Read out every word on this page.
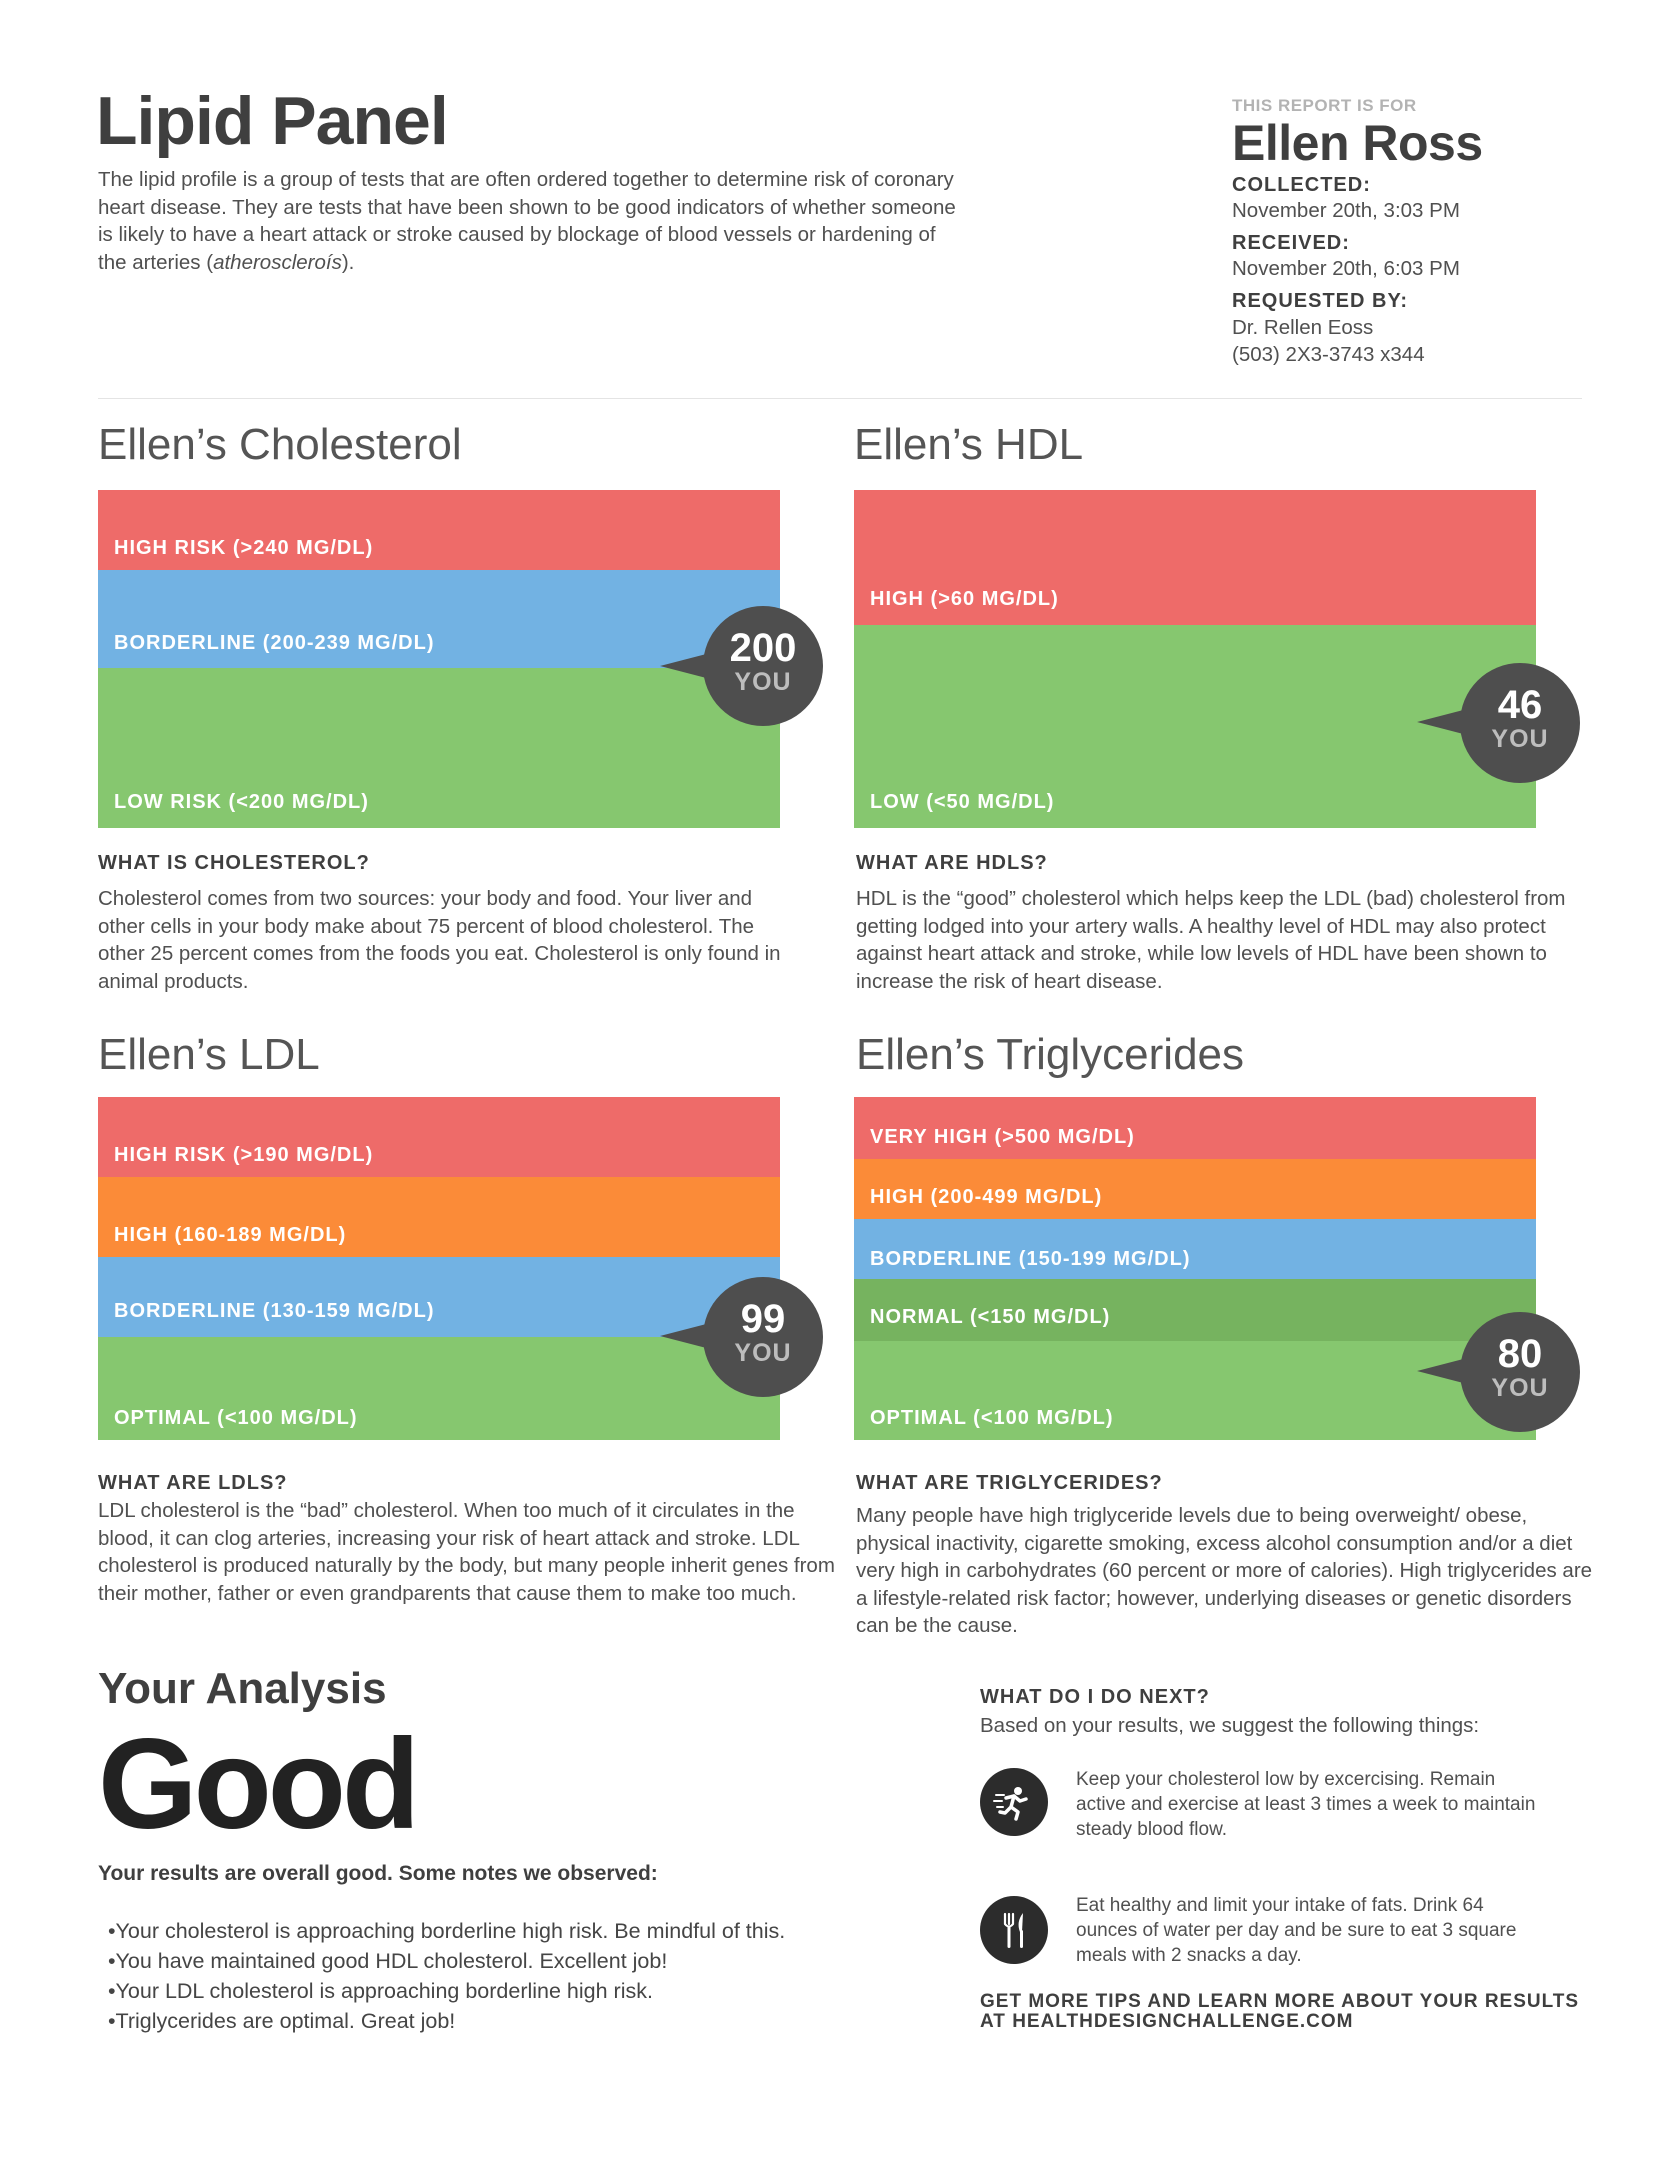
Lipid Panel

The lipid profile is a group of tests that are often ordered together to determine risk of coronary heart disease. They are tests that have been shown to be good indicators of whether someone is likely to have a heart attack or stroke caused by blockage of blood vessels or hardening of the arteries (atheroscleroís).

THIS REPORT IS FOR
Ellen Ross
COLLECTED:
November 20th, 3:03 PM
RECEIVED:
November 20th, 6:03 PM
REQUESTED BY:
Dr. Rellen Eoss
(503) 2X3-3743 x344
Ellen’s Cholesterol
HIGH RISK (>240 MG/DL)
BORDERLINE (200-239 MG/DL)
LOW RISK (<200 MG/DL)
200
YOU
WHAT IS CHOLESTEROL?

Cholesterol comes from two sources: your body and food. Your liver and other cells in your body make about 75 percent of blood cholesterol. The other 25 percent comes from the foods you eat. Cholesterol is only found in animal products.

Ellen’s HDL
HIGH (>60 MG/DL)
LOW (<50 MG/DL)
46
YOU
WHAT ARE HDLS?

HDL is the “good” cholesterol which helps keep the LDL (bad) cholesterol from getting lodged into your artery walls. A healthy level of HDL may also protect against heart attack and stroke, while low levels of HDL have been shown to increase the risk of heart disease.

Ellen’s LDL
HIGH RISK (>190 MG/DL)
HIGH (160-189 MG/DL)
BORDERLINE (130-159 MG/DL)
OPTIMAL (<100 MG/DL)
99
YOU
WHAT ARE LDLS?

LDL cholesterol is the “bad” cholesterol. When too much of it circulates in the blood, it can clog arteries, increasing your risk of heart attack and stroke. LDL cholesterol is produced naturally by the body, but many people inherit genes from their mother, father or even grandparents that cause them to make too much.

Ellen’s Triglycerides
VERY HIGH (>500 MG/DL)
HIGH (200-499 MG/DL)
BORDERLINE (150-199 MG/DL)
NORMAL (<150 MG/DL)
OPTIMAL (<100 MG/DL)
80
YOU
WHAT ARE TRIGLYCERIDES?

Many people have high triglyceride levels due to being overweight/ obese, physical inactivity, cigarette smoking, excess alcohol consumption and/or a diet very high in carbohydrates (60 percent or more of calories). High triglycerides are a lifestyle-related risk factor; however, underlying diseases or genetic disorders can be the cause.

Your Analysis
Good
Your results are overall good. Some notes we observed:
• Your cholesterol is approaching borderline high risk. Be mindful of this.
• You have maintained good HDL cholesterol. Excellent job!
• Your LDL cholesterol is approaching borderline high risk.
• Triglycerides are optimal. Great job!
WHAT DO I DO NEXT?
Based on your results, we suggest the following things:

Keep your cholesterol low by excercising. Remain active and exercise at least 3 times a week to maintain steady blood flow.

Eat healthy and limit your intake of fats. Drink 64 ounces of water per day and be sure to eat 3 square meals with 2 snacks a day.

GET MORE TIPS AND LEARN MORE ABOUT YOUR RESULTS AT HEALTHDESIGNCHALLENGE.COM
